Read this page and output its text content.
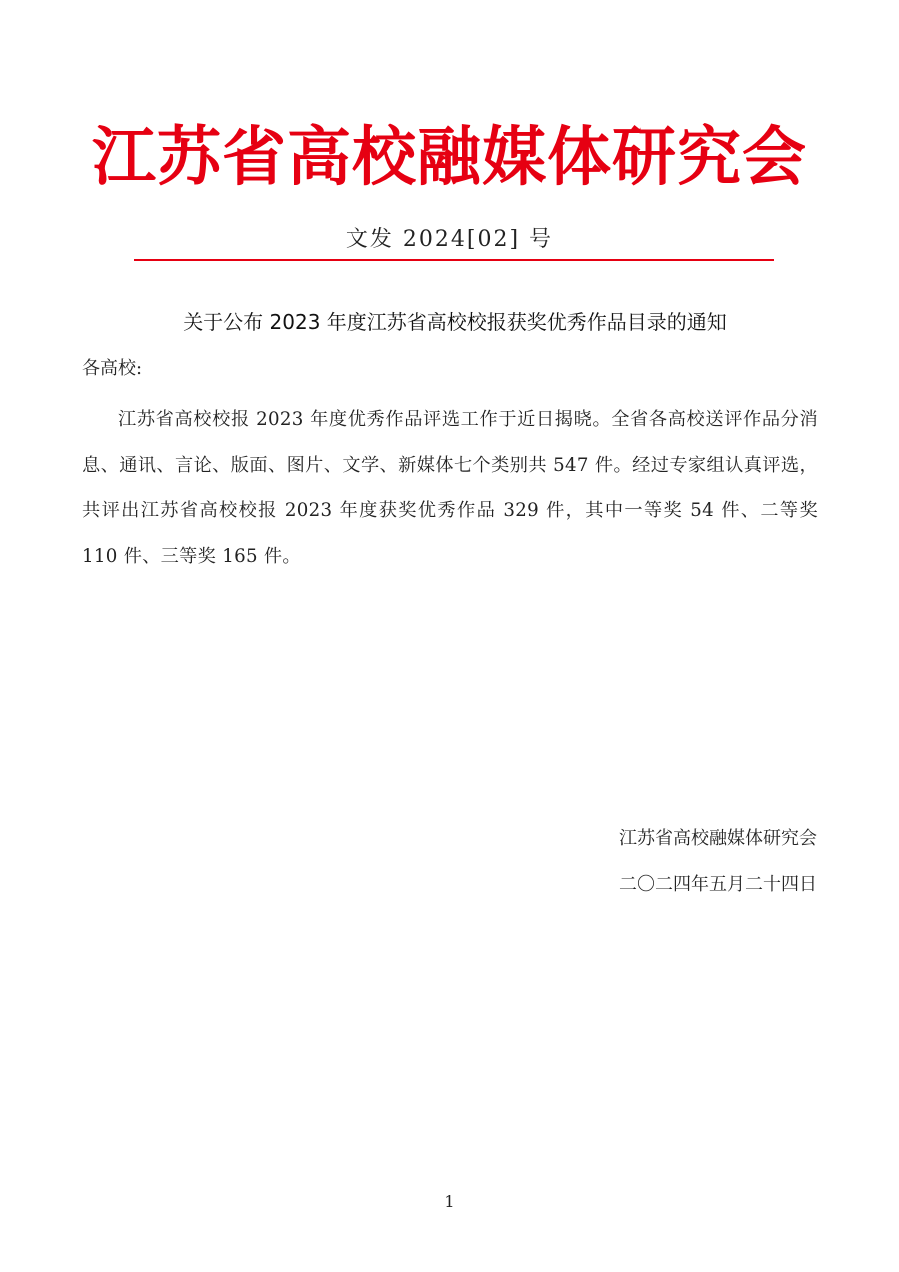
江苏省高校融媒体研究会
文发 2024[02] 号
关于公布 2023 年度江苏省高校校报获奖优秀作品目录的通知
各高校:
江苏省高校校报 2023 年度优秀作品评选工作于近日揭晓。全省各高校送评作品分消息、通讯、言论、版面、图片、文学、新媒体七个类别共 547 件。经过专家组认真评选，共评出江苏省高校校报 2023 年度获奖优秀作品 329 件，其中一等奖 54 件、二等奖 110 件、三等奖 165 件。
江苏省高校融媒体研究会
二〇二四年五月二十四日
1
